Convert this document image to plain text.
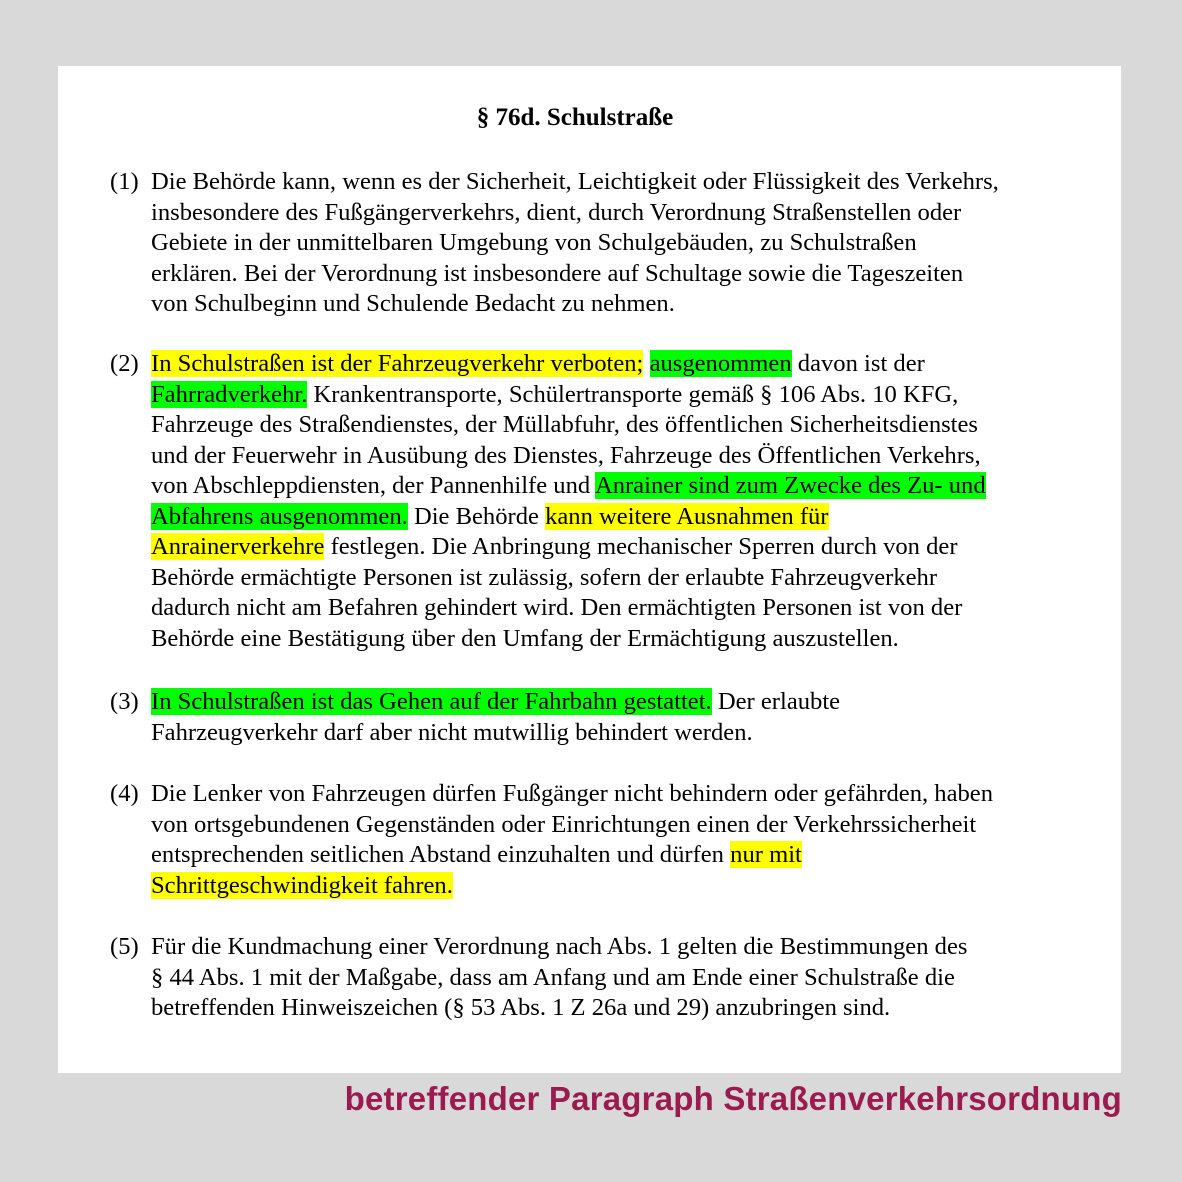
§ 76d. Schulstraße
(1) Die Behörde kann, wenn es der Sicherheit, Leichtigkeit oder Flüssigkeit des Verkehrs,
insbesondere des Fußgängerverkehrs, dient, durch Verordnung Straßenstellen oder
Gebiete in der unmittelbaren Umgebung von Schulgebäuden, zu Schulstraßen
erklären. Bei der Verordnung ist insbesondere auf Schultage sowie die Tageszeiten
von Schulbeginn und Schulende Bedacht zu nehmen.
(2) In Schulstraßen ist der Fahrzeugverkehr verboten; ausgenommen davon ist der
Fahrradverkehr. Krankentransporte, Schülertransporte gemäß § 106 Abs. 10 KFG,
Fahrzeuge des Straßendienstes, der Müllabfuhr, des öffentlichen Sicherheitsdienstes
und der Feuerwehr in Ausübung des Dienstes, Fahrzeuge des Öffentlichen Verkehrs,
von Abschleppdiensten, der Pannenhilfe und Anrainer sind zum Zwecke des Zu- und
Abfahrens ausgenommen. Die Behörde kann weitere Ausnahmen für
Anrainerverkehre festlegen. Die Anbringung mechanischer Sperren durch von der
Behörde ermächtigte Personen ist zulässig, sofern der erlaubte Fahrzeugverkehr
dadurch nicht am Befahren gehindert wird. Den ermächtigten Personen ist von der
Behörde eine Bestätigung über den Umfang der Ermächtigung auszustellen.
(3) In Schulstraßen ist das Gehen auf der Fahrbahn gestattet. Der erlaubte
Fahrzeugverkehr darf aber nicht mutwillig behindert werden.
(4) Die Lenker von Fahrzeugen dürfen Fußgänger nicht behindern oder gefährden, haben
von ortsgebundenen Gegenständen oder Einrichtungen einen der Verkehrssicherheit
entsprechenden seitlichen Abstand einzuhalten und dürfen nur mit
Schrittgeschwindigkeit fahren.
(5) Für die Kundmachung einer Verordnung nach Abs. 1 gelten die Bestimmungen des
§ 44 Abs. 1 mit der Maßgabe, dass am Anfang und am Ende einer Schulstraße die
betreffenden Hinweiszeichen (§ 53 Abs. 1 Z 26a und 29) anzubringen sind.
betreffender Paragraph Straßenverkehrsordnung
